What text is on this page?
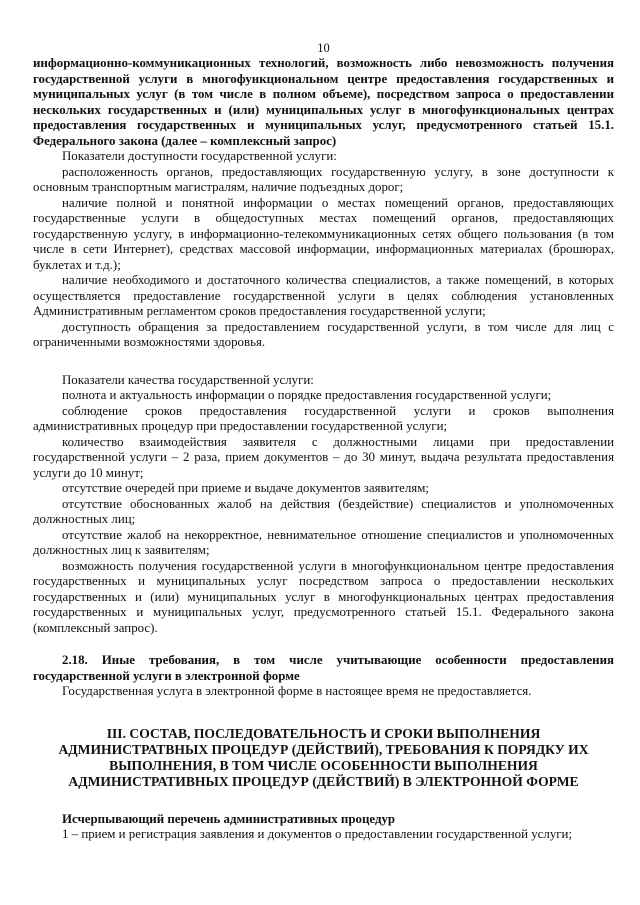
10

информационно-коммуникационных технологий, возможность либо невозможность получения государственной услуги в многофункциональном центре предоставления государственных и муниципальных услуг (в том числе в полном объеме), посредством запроса о предоставлении нескольких государственных и (или) муниципальных услуг в многофункциональных центрах предоставления государственных и муниципальных услуг, предусмотренного статьей 15.1. Федерального закона (далее – комплексный запрос)

Показатели доступности государственной услуги:

расположенность органов, предоставляющих государственную услугу, в зоне доступности к основным транспортным магистралям, наличие подъездных дорог;

наличие полной и понятной информации о местах помещений органов, предоставляющих государственные услуги в общедоступных местах помещений органов, предоставляющих государственную услугу, в информационно-телекоммуникационных сетях общего пользования (в том числе в сети Интернет), средствах массовой информации, информационных материалах (брошюрах, буклетах и т.д.);

наличие необходимого и достаточного количества специалистов, а также помещений, в которых осуществляется предоставление государственной услуги в целях соблюдения установленных Административным регламентом сроков предоставления государственной услуги;

доступность обращения за предоставлением государственной услуги, в том числе для лиц с ограниченными возможностями здоровья.

Показатели качества государственной услуги:

полнота и актуальность информации о порядке предоставления государственной услуги;

соблюдение сроков предоставления государственной услуги и сроков выполнения административных процедур при предоставлении государственной услуги;

количество взаимодействия заявителя с должностными лицами при предоставлении государственной услуги – 2 раза, прием документов – до 30 минут, выдача результата предоставления услуги до 10 минут;

отсутствие очередей при приеме и выдаче документов заявителям;

отсутствие обоснованных жалоб на действия (бездействие) специалистов и уполномоченных должностных лиц;

отсутствие жалоб на некорректное, невнимательное отношение специалистов и уполномоченных должностных лиц к заявителям;

возможность получения государственной услуги в многофункциональном центре предоставления государственных и муниципальных услуг посредством запроса о предоставлении нескольких государственных и (или) муниципальных услуг в многофункциональных центрах предоставления государственных и муниципальных услуг, предусмотренного статьей 15.1. Федерального закона (комплексный запрос).

2.18. Иные требования, в том числе учитывающие особенности предоставления государственной услуги в электронной форме

Государственная услуга в электронной форме в настоящее время не предоставляется.

III. СОСТАВ, ПОСЛЕДОВАТЕЛЬНОСТЬ И СРОКИ ВЫПОЛНЕНИЯ
АДМИНИСТРАТВНЫХ ПРОЦЕДУР (ДЕЙСТВИЙ), ТРЕБОВАНИЯ К ПОРЯДКУ ИХ
ВЫПОЛНЕНИЯ, В ТОМ ЧИСЛЕ ОСОБЕННОСТИ ВЫПОЛНЕНИЯ
АДМИНИСТРАТИВНЫХ ПРОЦЕДУР (ДЕЙСТВИЙ) В ЭЛЕКТРОННОЙ ФОРМЕ

Исчерпывающий перечень административных процедур

1 – прием и регистрация заявления и документов о предоставлении государственной услуги;
